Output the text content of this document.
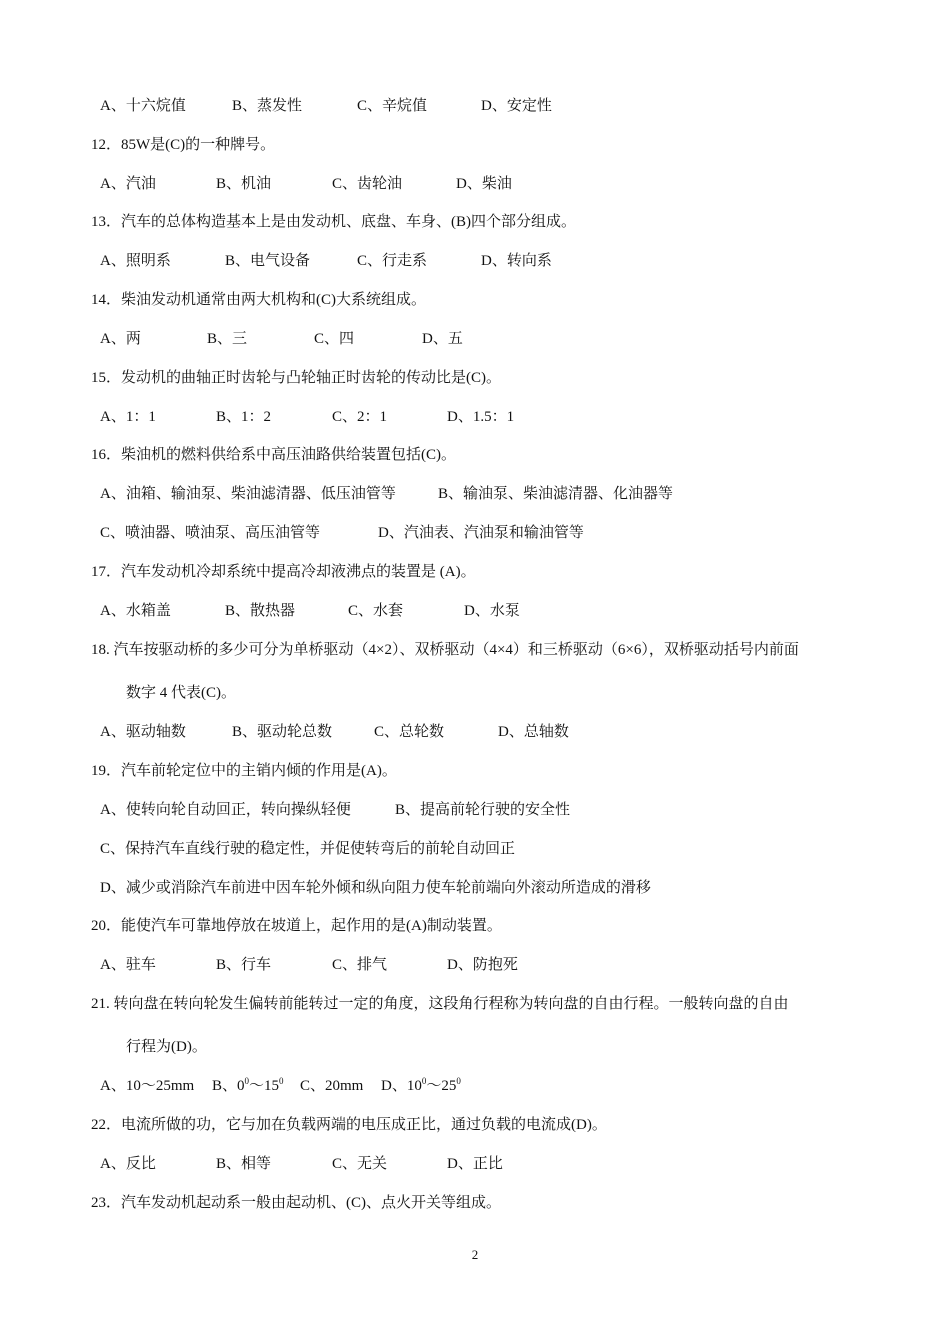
A、十六烷值	B、蒸发性	C、辛烷值	D、安定性
12．85W是(C)的一种牌号。
A、汽油	B、机油	C、齿轮油	D、柴油
13．汽车的总体构造基本上是由发动机、底盘、车身、(B)四个部分组成。
A、照明系	B、电气设备	C、行走系	D、转向系
14．柴油发动机通常由两大机构和(C)大系统组成。
A、两	B、三	C、四	D、五
15．发动机的曲轴正时齿轮与凸轮轴正时齿轮的传动比是(C)。
A、1：1	B、1：2	C、2：1	D、1.5：1
16．柴油机的燃料供给系中高压油路供给装置包括(C)。
A、油箱、输油泵、柴油滤清器、低压油管等	B、输油泵、柴油滤清器、化油器等
C、喷油器、喷油泵、高压油管等	D、汽油表、汽油泵和输油管等
17．汽车发动机冷却系统中提高冷却液沸点的装置是 (A)。
A、水箱盖	B、散热器	C、水套	D、水泵
18. 汽车按驱动桥的多少可分为单桥驱动（4×2）、双桥驱动（4×4）和三桥驱动（6×6），双桥驱动括号内前面
数字 4 代表(C)。
A、驱动轴数	B、驱动轮总数	C、总轮数	D、总轴数
19．汽车前轮定位中的主销内倾的作用是(A)。
A、使转向轮自动回正，转向操纵轻便	B、提高前轮行驶的安全性
C、保持汽车直线行驶的稳定性，并促使转弯后的前轮自动回正
D、减少或消除汽车前进中因车轮外倾和纵向阻力使车轮前端向外滚动所造成的滑移
20．能使汽车可靠地停放在坡道上，起作用的是(A)制动装置。
A、驻车	B、行车	C、排气	D、防抱死
21. 转向盘在转向轮发生偏转前能转过一定的角度，这段角行程称为转向盘的自由行程。一般转向盘的自由
行程为(D)。
A、10～25mm B、$0^0\sim 15^0$ C、20mm D、$10^0\sim 25^0$
22．电流所做的功，它与加在负载两端的电压成正比，通过负载的电流成(D)。
A、反比	B、相等	C、无关	D、正比
23．汽车发动机起动系一般由起动机、(C)、点火开关等组成。
2
